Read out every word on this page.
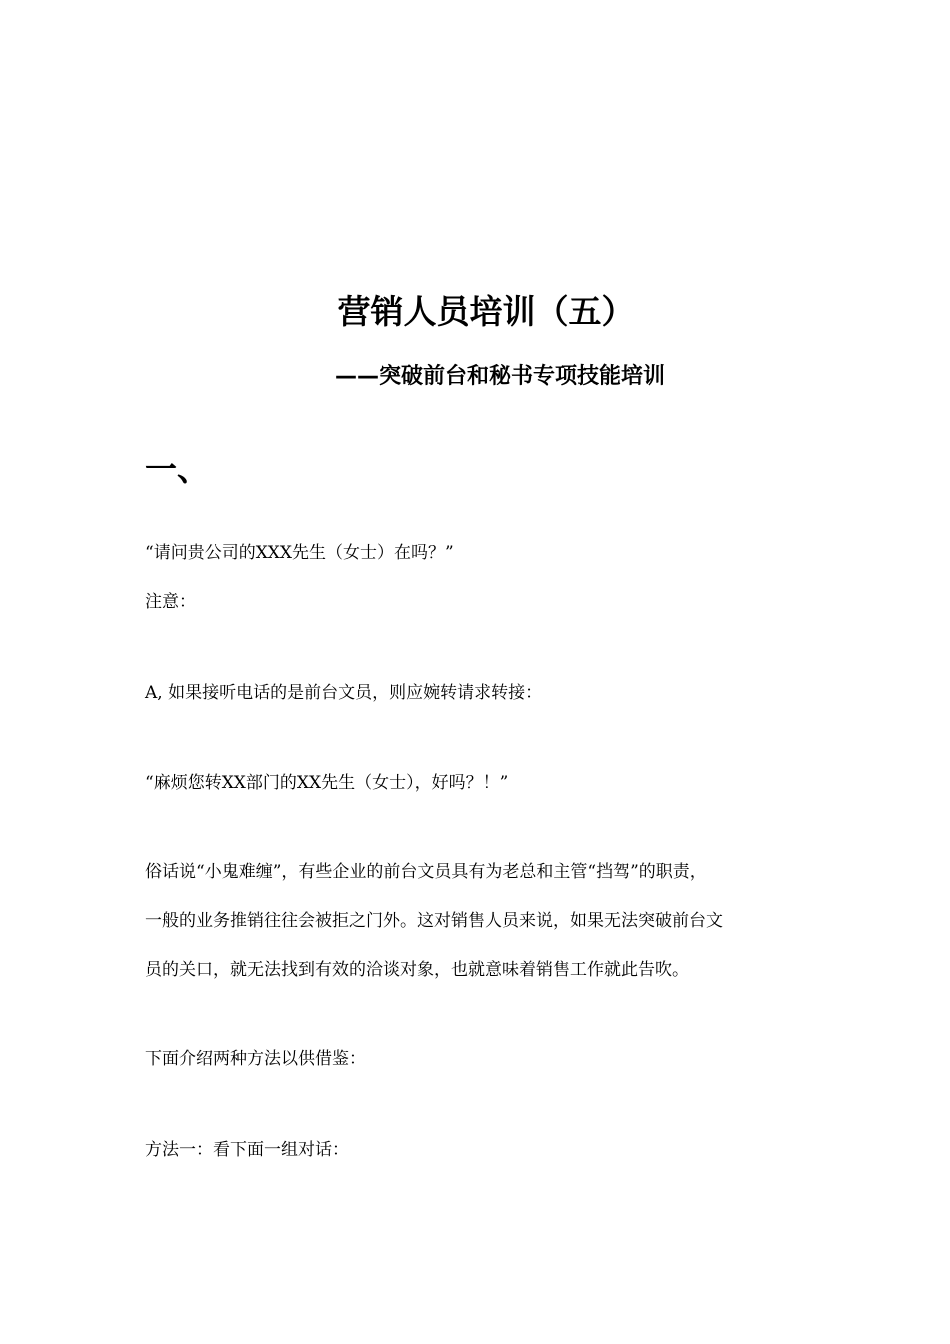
营销人员培训（五）
——突破前台和秘书专项技能培训
一、

“请问贵公司的XXX先生（女士）在吗？”

注意：

A, 如果接听电话的是前台文员，则应婉转请求转接：

“麻烦您转XX部门的XX先生（女士），好吗？！”

俗话说“小鬼难缠”，有些企业的前台文员具有为老总和主管“挡驾”的职责，
一般的业务推销往往会被拒之门外。这对销售人员来说，如果无法突破前台文
员的关口，就无法找到有效的洽谈对象，也就意味着销售工作就此告吹。

下面介绍两种方法以供借鉴：

方法一：看下面一组对话：
